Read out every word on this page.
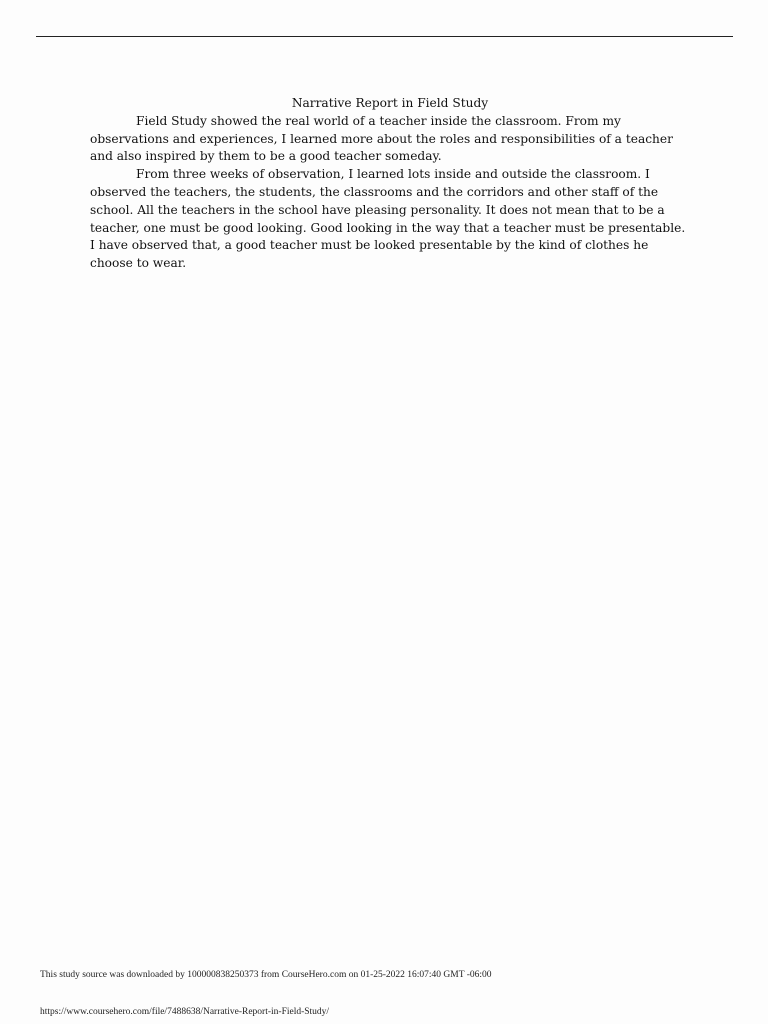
Narrative Report in Field Study

Field Study showed the real world of a teacher inside the classroom. From my observations and experiences, I learned more about the roles and responsibilities of a teacher and also inspired by them to be a good teacher someday.

From three weeks of observation, I learned lots inside and outside the classroom. I observed the teachers, the students, the classrooms and the corridors and other staff of the school. All the teachers in the school have pleasing personality. It does not mean that to be a teacher, one must be good looking. Good looking in the way that a teacher must be presentable. I have observed that, a good teacher must be looked presentable by the kind of clothes he choose to wear.

This study source was downloaded by 100000838250373 from CourseHero.com on 01-25-2022 16:07:40 GMT -06:00
https://www.coursehero.com/file/7488638/Narrative-Report-in-Field-Study/
